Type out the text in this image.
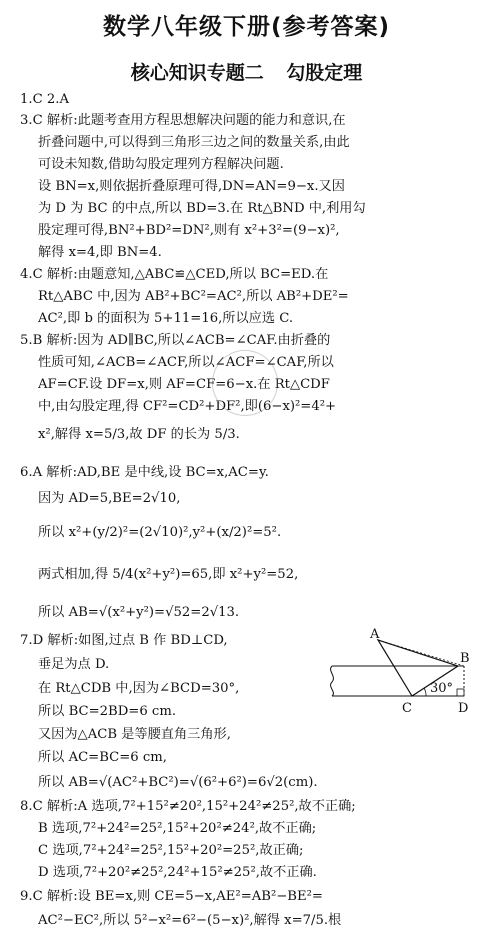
数学八年级下册(参考答案)
核心知识专题二 勾股定理
1.C 2.A
3.C 解析:此题考查用方程思想解决问题的能力和意识,在
折叠问题中,可以得到三角形三边之间的数量关系,由此
可设未知数,借助勾股定理列方程解决问题.
设 BN=x,则依据折叠原理可得,DN=AN=9−x.又因
为 D 为 BC 的中点,所以 BD=3.在 Rt△BND 中,利用勾
股定理可得,BN²+BD²=DN²,则有 x²+3²=(9−x)²,
解得 x=4,即 BN=4.
4.C 解析:由题意知,△ABC≌△CED,所以 BC=ED.在
Rt△ABC 中,因为 AB²+BC²=AC²,所以 AB²+DE²=
AC²,即 b 的面积为 5+11=16,所以应选 C.
5.B 解析:因为 AD∥BC,所以∠ACB=∠CAF.由折叠的
性质可知,∠ACB=∠ACF,所以∠ACF=∠CAF,所以
AF=CF.设 DF=x,则 AF=CF=6−x.在 Rt△CDF
中,由勾股定理,得 CF²=CD²+DF²,即(6−x)²=4²+
x²,解得 x=5/3,故 DF 的长为 5/3.
6.A 解析:AD,BE 是中线,设 BC=x,AC=y.
因为 AD=5,BE=2√10,
所以 x²+(y/2)²=(2√10)²,y²+(x/2)²=5².
两式相加,得 5/4(x²+y²)=65,即 x²+y²=52,
所以 AB=√(x²+y²)=√52=2√13.
7.D 解析:如图,过点 B 作 BD⊥CD,
垂足为点 D.
在 Rt△CDB 中,因为∠BCD=30°,
所以 BC=2BD=6 cm.
又因为△ACB 是等腰直角三角形,
所以 AC=BC=6 cm,
所以 AB=√(AC²+BC²)=√(6²+6²)=6√2(cm).
8.C 解析:A 选项,7²+15²≠20²,15²+24²≠25²,故不正确;
B 选项,7²+24²=25²,15²+20²≠24²,故不正确;
C 选项,7²+24²=25²,15²+20²=25²,故正确;
D 选项,7²+20²≠25²,24²+15²≠25²,故不正确.
9.C 解析:设 BE=x,则 CE=5−x,AE²=AB²−BE²=
AC²−EC²,所以 5²−x²=6²−(5−x)²,解得 x=7/5.根
A
B
C	D
30°
